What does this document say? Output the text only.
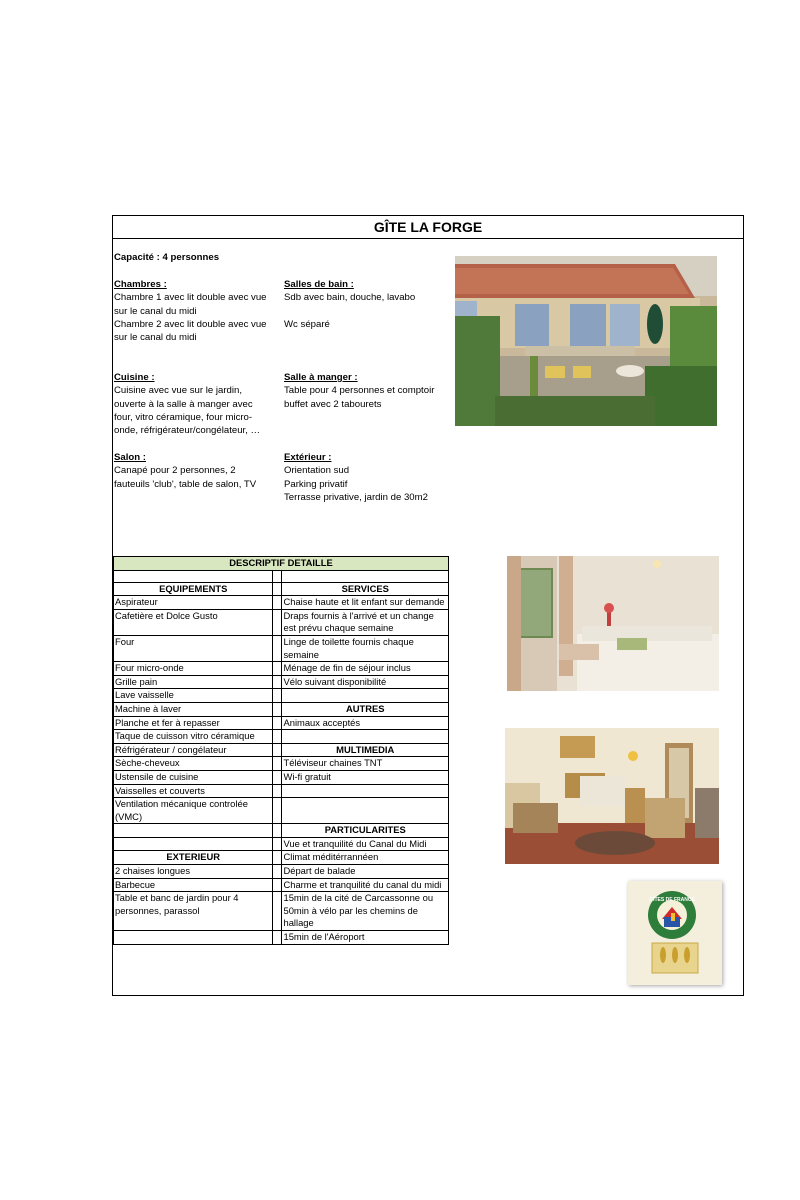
GÎTE LA FORGE
Capacité : 4 personnes
Chambres :
Chambre 1 avec lit double avec vue
sur le canal du midi
Chambre 2 avec lit double avec vue
sur le canal du midi
Salles de bain :
Sdb avec bain, douche, lavabo
Wc séparé
Cuisine :
Cuisine avec vue sur le jardin,
ouverte à la salle à manger avec
four, vitro céramique, four micro-
onde, réfrigérateur/congélateur, …
Salle à manger :
Table pour 4 personnes et comptoir
buffet avec 2 tabourets
Salon :
Canapé pour 2 personnes, 2
fauteuils 'club', table de salon, TV
Extérieur :
Orientation sud
Parking privatif
Terrasse privative, jardin de 30m2
DESCRIPTIF DETAILLE		

EQUIPEMENTS		SERVICES
Aspirateur		Chaise haute et lit enfant sur demande
Cafetière et Dolce Gusto		Draps fournis à l'arrivé et un change est prévu chaque semaine
Four		Linge de toilette fournis chaque semaine
Four micro-onde		Ménage de fin de séjour inclus
Grille pain		Vélo suivant disponibilité
Lave vaisselle		
Machine à laver		AUTRES
Planche et fer à repasser		Animaux acceptés
Taque de cuisson vitro céramique		
Réfrigérateur / congélateur		MULTIMEDIA
Sèche-cheveux		Téléviseur chaines TNT
Ustensile de cuisine		Wi-fi gratuit
Vaisselles et couverts		
Ventilation mécanique controlée (VMC)		
		PARTICULARITES
		Vue et tranquilité du Canal du Midi
EXTERIEUR		Climat méditérrannéen
2 chaises longues		Départ de balade
Barbecue		Charme et tranquilité du canal du midi
Table et banc de jardin pour 4 personnes, parassol		15min de la cité de Carcassonne ou 50min à vélo par les chemins de hallage
		15min de l'Aéroport
GÎTES DE FRANCE
